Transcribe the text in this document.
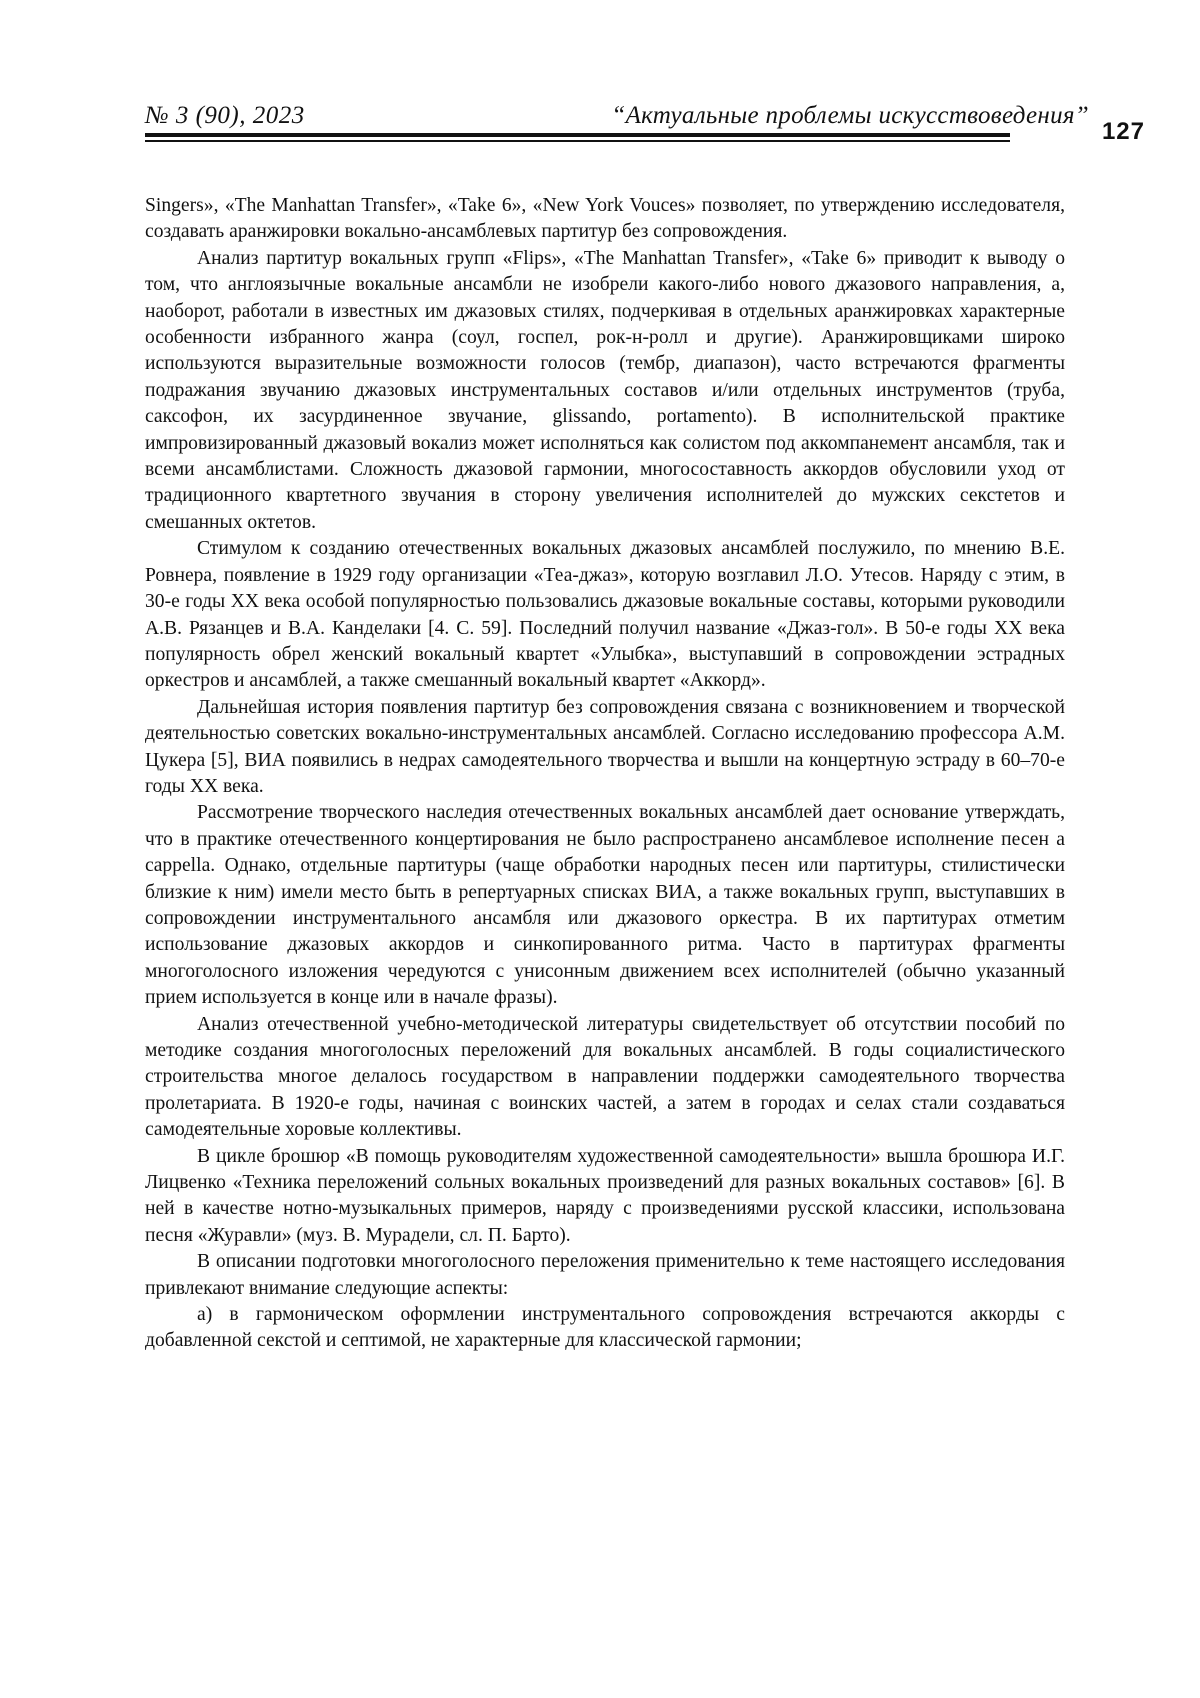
№ 3 (90), 2023	“Актуальные проблемы искусствоведения”
127

Singers», «The Manhattan Transfer», «Take 6», «New York Vouces» позволяет, по утверждению исследователя, создавать аранжировки вокально-ансамблевых партитур без сопровождения.

Анализ партитур вокальных групп «Flips», «The Manhattan Transfer», «Take 6» приводит к выводу о том, что англоязычные вокальные ансамбли не изобрели какого-либо нового джазового направления, а, наоборот, работали в известных им джазовых стилях, подчеркивая в отдельных аранжировках характерные особенности избранного жанра (соул, госпел, рок-н-ролл и другие). Аранжировщиками широко используются выразительные возможности голосов (тембр, диапазон), часто встречаются фрагменты подражания звучанию джазовых инструментальных составов и/или отдельных инструментов (труба, саксофон, их засурдиненное звучание, glissando, portamento). В исполнительской практике импровизированный джазовый вокализ может исполняться как солистом под аккомпанемент ансамбля, так и всеми ансамблистами. Сложность джазовой гармонии, многосоставность аккордов обусловили уход от традиционного квартетного звучания в сторону увеличения исполнителей до мужских секстетов и смешанных октетов.

Стимулом к созданию отечественных вокальных джазовых ансамблей послужило, по мнению В.Е. Ровнера, появление в 1929 году организации «Теа-джаз», которую возглавил Л.О. Утесов. Наряду с этим, в 30-е годы XX века особой популярностью пользовались джазовые вокальные составы, которыми руководили А.В. Рязанцев и В.А. Канделаки [4. С. 59]. Последний получил название «Джаз-гол». В 50-е годы XX века популярность обрел женский вокальный квартет «Улыбка», выступавший в сопровождении эстрадных оркестров и ансамблей, а также смешанный вокальный квартет «Аккорд».

Дальнейшая история появления партитур без сопровождения связана с возникновением и творческой деятельностью советских вокально-инструментальных ансамблей. Согласно исследованию профессора А.М. Цукера [5], ВИА появились в недрах самодеятельного творчества и вышли на концертную эстраду в 60–70-е годы XX века.

Рассмотрение творческого наследия отечественных вокальных ансамблей дает основание утверждать, что в практике отечественного концертирования не было распространено ансамблевое исполнение песен a cappella. Однако, отдельные партитуры (чаще обработки народных песен или партитуры, стилистически близкие к ним) имели место быть в репертуарных списках ВИА, а также вокальных групп, выступавших в сопровождении инструментального ансамбля или джазового оркестра. В их партитурах отметим использование джазовых аккордов и синкопированного ритма. Часто в партитурах фрагменты многоголосного изложения чередуются с унисонным движением всех исполнителей (обычно указанный прием используется в конце или в начале фразы).

Анализ отечественной учебно-методической литературы свидетельствует об отсутствии пособий по методике создания многоголосных переложений для вокальных ансамблей. В годы социалистического строительства многое делалось государством в направлении поддержки самодеятельного творчества пролетариата. В 1920-е годы, начиная с воинских частей, а затем в городах и селах стали создаваться самодеятельные хоровые коллективы.

В цикле брошюр «В помощь руководителям художественной самодеятельности» вышла брошюра И.Г. Лицвенко «Техника переложений сольных вокальных произведений для разных вокальных составов» [6]. В ней в качестве нотно-музыкальных примеров, наряду с произведениями русской классики, использована песня «Журавли» (муз. В. Мурадели, сл. П. Барто).

В описании подготовки многоголосного переложения применительно к теме настоящего исследования привлекают внимание следующие аспекты:

а) в гармоническом оформлении инструментального сопровождения встречаются аккорды с добавленной секстой и септимой, не характерные для классической гармонии;
